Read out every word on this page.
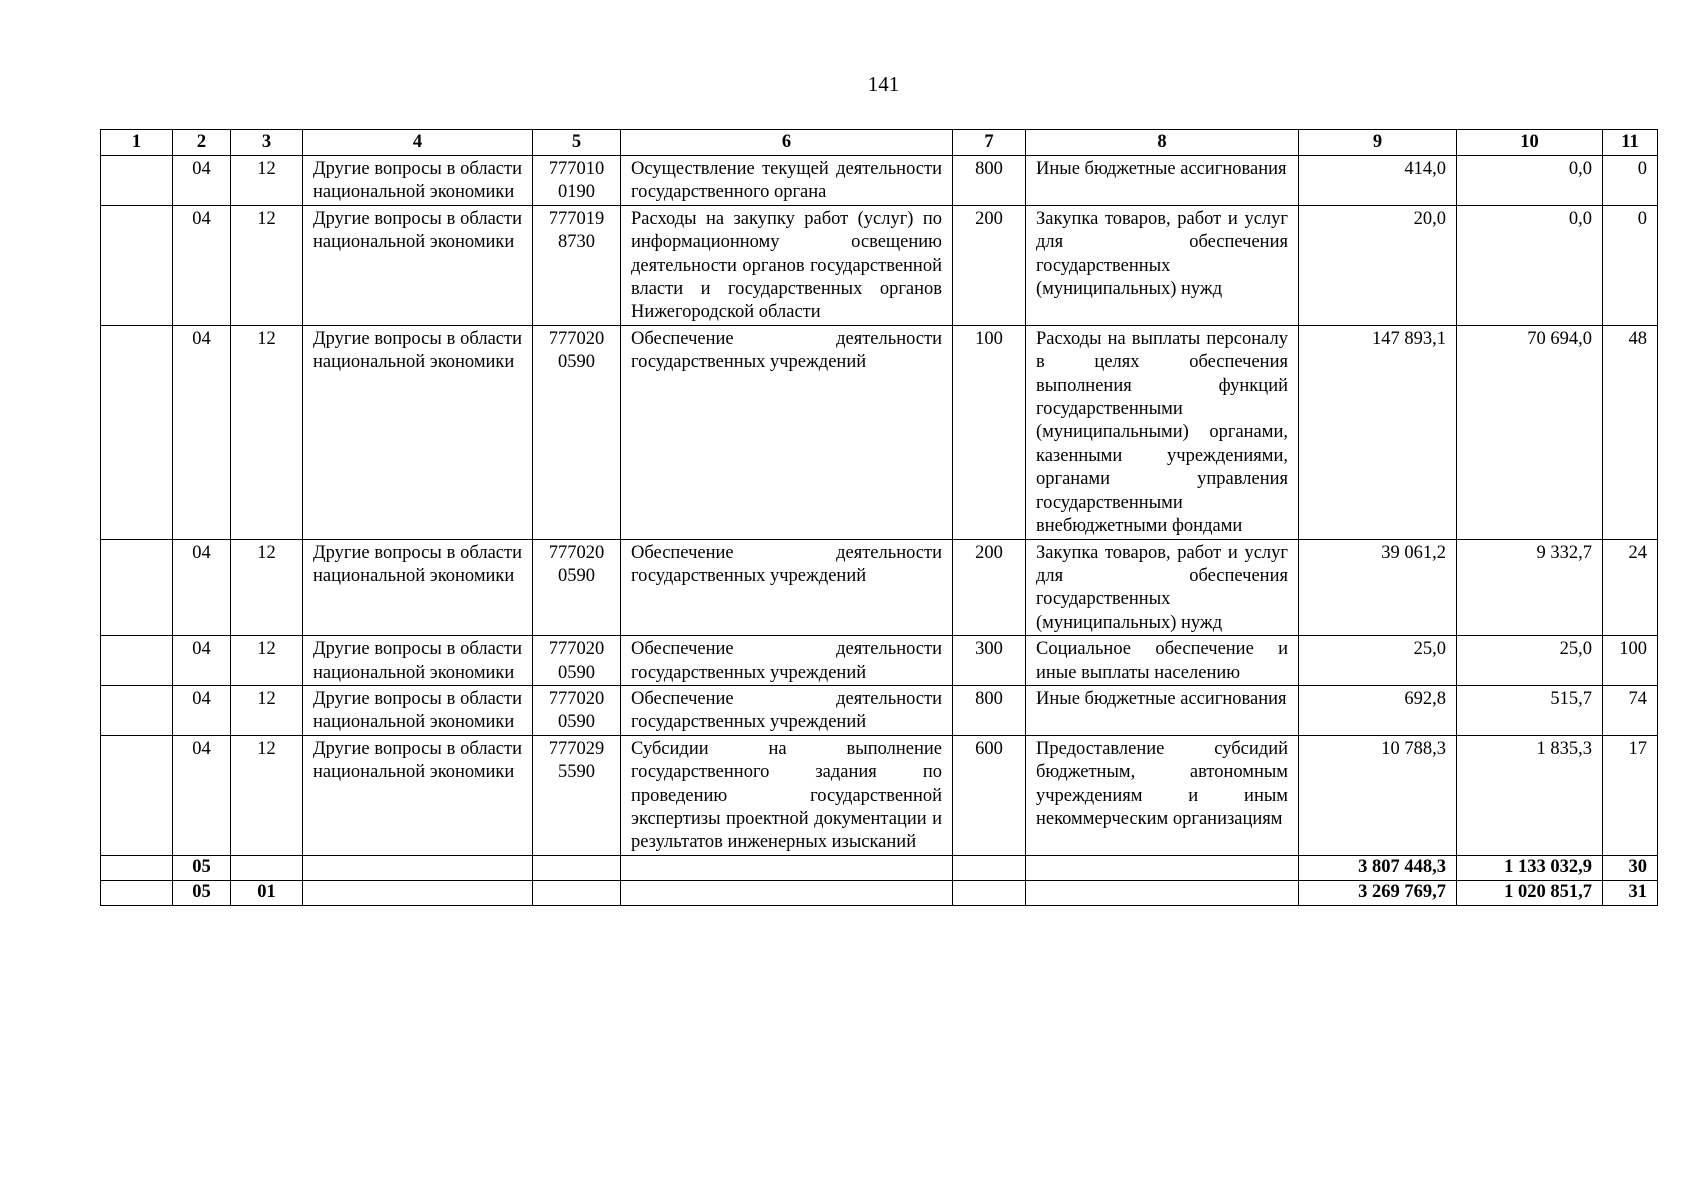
141
1	2	3	4	5	6	7	8	9	10	11
	04	12	Другие вопросы в области национальной экономики	777010 0190	Осуществление текущей деятельности государственного органа	800	Иные бюджетные ассигнования	414,0	0,0	0
	04	12	Другие вопросы в области национальной экономики	777019 8730	Расходы на закупку работ (услуг) по информационному освещению деятельности органов государственной власти и государственных органов Нижегородской области	200	Закупка товаров, работ и услуг для обеспечения государственных (муниципальных) нужд	20,0	0,0	0
	04	12	Другие вопросы в области национальной экономики	777020 0590	Обеспечение деятельности государственных учреждений	100	Расходы на выплаты персоналу в целях обеспечения выполнения функций государственными (муниципальными) органами, казенными учреждениями, органами управления государственными внебюджетными фондами	147 893,1	70 694,0	48
	04	12	Другие вопросы в области национальной экономики	777020 0590	Обеспечение деятельности государственных учреждений	200	Закупка товаров, работ и услуг для обеспечения государственных (муниципальных) нужд	39 061,2	9 332,7	24
	04	12	Другие вопросы в области национальной экономики	777020 0590	Обеспечение деятельности государственных учреждений	300	Социальное обеспечение и иные выплаты населению	25,0	25,0	100
	04	12	Другие вопросы в области национальной экономики	777020 0590	Обеспечение деятельности государственных учреждений	800	Иные бюджетные ассигнования	692,8	515,7	74
	04	12	Другие вопросы в области национальной экономики	777029 5590	Субсидии на выполнение государственного задания по проведению государственной экспертизы проектной документации и результатов инженерных изысканий	600	Предоставление субсидий бюджетным, автономным учреждениям и иным некоммерческим организациям	10 788,3	1 835,3	17
	05							3 807 448,3	1 133 032,9	30
	05	01						3 269 769,7	1 020 851,7	31
